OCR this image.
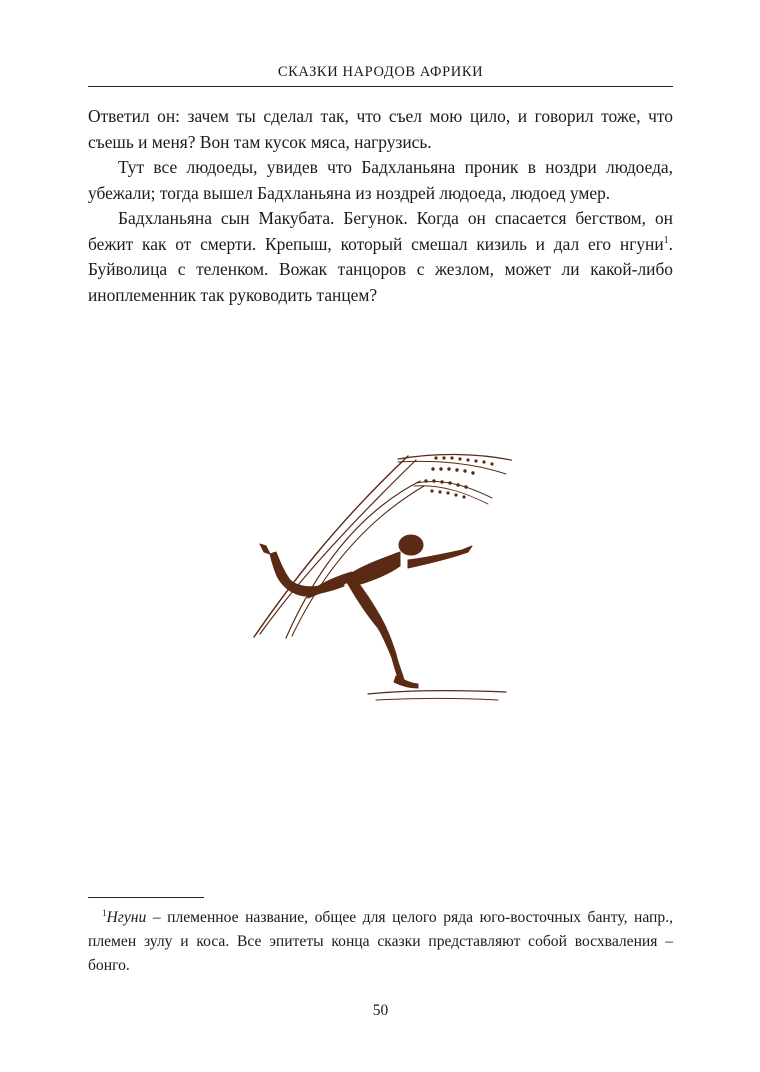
СКАЗКИ НАРОДОВ АФРИКИ

Ответил он: зачем ты сделал так, что съел мою цило, и говорил тоже, что съешь и меня? Вон там кусок мяса, нагрузись.

Тут все людоеды, увидев что Бадхланьяна проник в ноздри людоеда, убежали; тогда вышел Бадхланьяна из ноздрей людоеда, людоед умер.

Бадхланьяна сын Макубата. Бегунок. Когда он спасается бегством, он бежит как от смерти. Крепыш, который смешал кизиль и дал его нгуни$^1$. Буйволица с теленком. Вожак танцоров с жезлом, может ли какой-либо иноплеменник так руководить танцем?

$^1$Нгуни – племенное название, общее для целого ряда юго-восточных банту, напр., племен зулу и коса. Все эпитеты конца сказки представляют собой восхваления – бонго.

50
